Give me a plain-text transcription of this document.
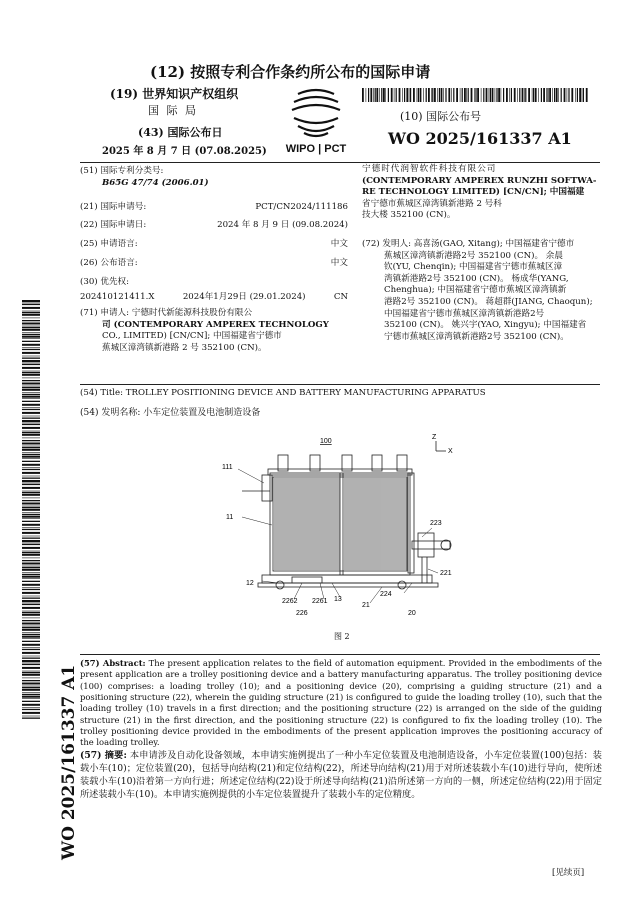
(12) 按照专利合作条约所公布的国际申请
(19) 世界知识产权组织
国 际 局
(43) 国际公布日
2025 年 8 月 7 日 (07.08.2025) WIPO | PCT
(10) 国际公布号
WO 2025/161337 A1
(51) 国际专利分类号:
B65G 47/74 (2006.01)
(21) 国际申请号:	PCT/CN2024/111186
(22) 国际申请日:	2024 年 8 月 9 日 (09.08.2024)
(25) 申请语言:	中文
(26) 公布语言:	中文
(30) 优先权:
202410121411.X	2024年1月29日 (29.01.2024)	CN
(71) 申请人: 宁德时代新能源科技股份有限公
司 (CONTEMPORARY AMPEREX TECHNOLOGY
CO., LIMITED) [CN/CN]; 中国福建省宁德市
蕉城区漳湾镇新港路 2 号 352100 (CN)。
宁德时代润智软件科技有限公司
(CONTEMPORARY AMPEREX RUNZHI SOFTWA-
RE TECHNOLOGY LIMITED) [CN/CN]; 中国福建
省宁德市蕉城区漳湾镇新港路 2 号科
技大楼 352100 (CN)。
(72) 发明人: 高喜汤(GAO, Xitang); 中国福建省宁德市
蕉城区漳湾镇新港路2号 352100 (CN)。 余晨
钦(YU, Chenqin); 中国福建省宁德市蕉城区漳
湾镇新港路2号 352100 (CN)。 杨成华(YANG,
Chenghua); 中国福建省宁德市蕉城区漳湾镇新
港路2号 352100 (CN)。 蒋超群(JIANG, Chaoqun);
中国福建省宁德市蕉城区漳湾镇新港路2号
352100 (CN)。 姚兴宇(YAO, Xingyu); 中国福建省
宁德市蕉城区漳湾镇新港路2号 352100 (CN)。
(54) Title: TROLLEY POSITIONING DEVICE AND BATTERY MANUFACTURING APPARATUS
(54) 发明名称: 小车定位装置及电池制造设备
100
111
11
223
221
12
2262 2261 13
21
224
20
226
Z
X
图 2
(57) Abstract: The present application relates to the field of automation equipment. Provided in the embodiments of the present application are a trolley positioning device and a battery manufacturing apparatus. The trolley positioning device (100) comprises: a loading trolley (10); and a positioning device (20), comprising a guiding structure (21) and a positioning structure (22), wherein the guiding structure (21) is configured to guide the loading trolley (10), such that the loading trolley (10) travels in a first direction; and the positioning structure (22) is arranged on the side of the guiding structure (21) in the first direction, and the positioning structure (22) is configured to fix the loading trolley (10). The trolley positioning device provided in the embodiments of the present application improves the positioning accuracy of the loading trolley.
(57) 摘要: 本申请涉及自动化设备领域，本申请实施例提出了一种小车定位装置及电池制造设备，小车定位装置(100)包括：装载小车(10)；定位装置(20)，包括导向结构(21)和定位结构(22)，所述导向结构(21)用于对所述装载小车(10)进行导向，使所述装载小车(10)沿着第一方向行进；所述定位结构(22)设于所述导向结构(21)沿所述第一方向的一侧，所述定位结构(22)用于固定所述装载小车(10)。本申请实施例提供的小车定位装置提升了装载小车的定位精度。
WO 2025/161337 A1
[见续页]
